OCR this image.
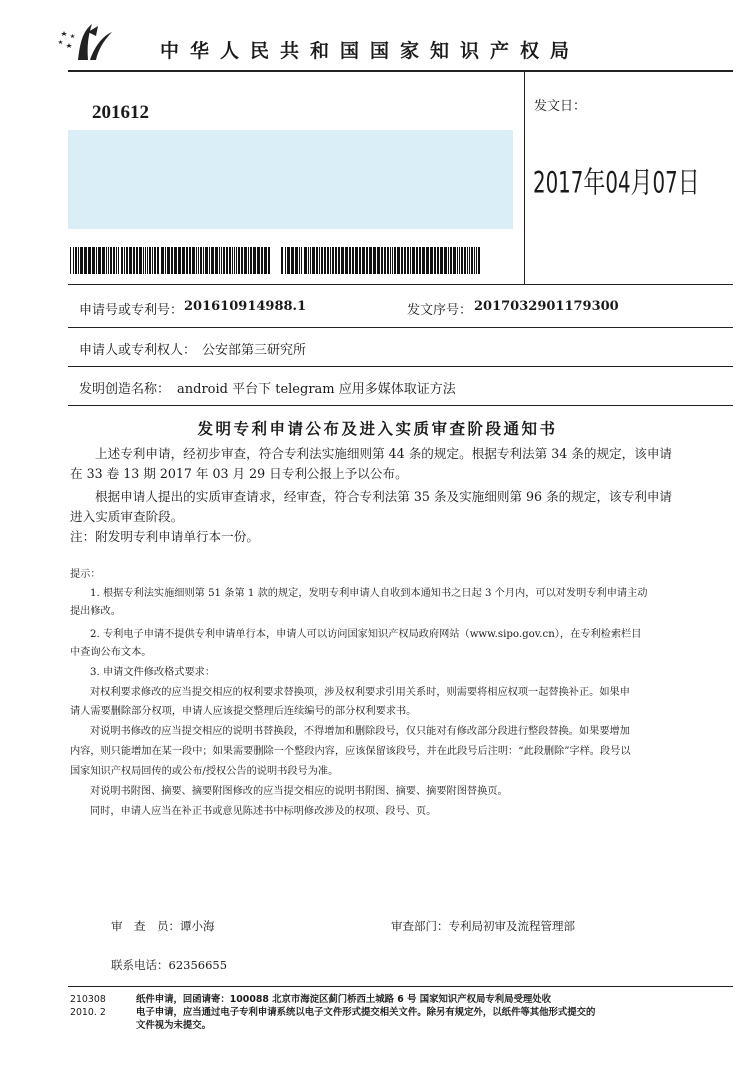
中华人民共和国国家知识产权局
201612	发文日：
2017年04月07日
申请号或专利号： 201610914988.1	发文序号： 2017032901179300
申请人或专利权人： 公安部第三研究所
发明创造名称： android 平台下 telegram 应用多媒体取证方法
发明专利申请公布及进入实质审查阶段通知书
上述专利申请，经初步审查，符合专利法实施细则第 44 条的规定。根据专利法第 34 条的规定，该申请
在 33 卷 13 期 2017 年 03 月 29 日专利公报上予以公布。
根据申请人提出的实质审查请求，经审查，符合专利法第 35 条及实施细则第 96 条的规定，该专利申请
进入实质审查阶段。
注：附发明专利申请单行本一份。
提示：
1. 根据专利法实施细则第 51 条第 1 款的规定，发明专利申请人自收到本通知书之日起 3 个月内，可以对发明专利申请主动
提出修改。
2. 专利电子申请不提供专利申请单行本，申请人可以访问国家知识产权局政府网站（www.sipo.gov.cn），在专利检索栏目
中查询公布文本。
3. 申请文件修改格式要求：
对权利要求修改的应当提交相应的权利要求替换项，涉及权利要求引用关系时，则需要将相应权项一起替换补正。如果申
请人需要删除部分权项，申请人应该提交整理后连续编号的部分权利要求书。
对说明书修改的应当提交相应的说明书替换段，不得增加和删除段号，仅只能对有修改部分段进行整段替换。如果要增加
内容，则只能增加在某一段中；如果需要删除一个整段内容，应该保留该段号，并在此段号后注明：“此段删除”字样。段号以
国家知识产权局回传的或公布/授权公告的说明书段号为准。
对说明书附图、摘要、摘要附图修改的应当提交相应的说明书附图、摘要、摘要附图替换页。
同时，申请人应当在补正书或意见陈述书中标明修改涉及的权项、段号、页。
审　查　员：谭小海	审查部门：专利局初审及流程管理部
联系电话：62356655
210308
2010. 2
纸件申请，回函请寄：100088 北京市海淀区蓟门桥西土城路 6 号 国家知识产权局专利局受理处收
电子申请，应当通过电子专利申请系统以电子文件形式提交相关文件。除另有规定外，以纸件等其他形式提交的
文件视为未提交。
